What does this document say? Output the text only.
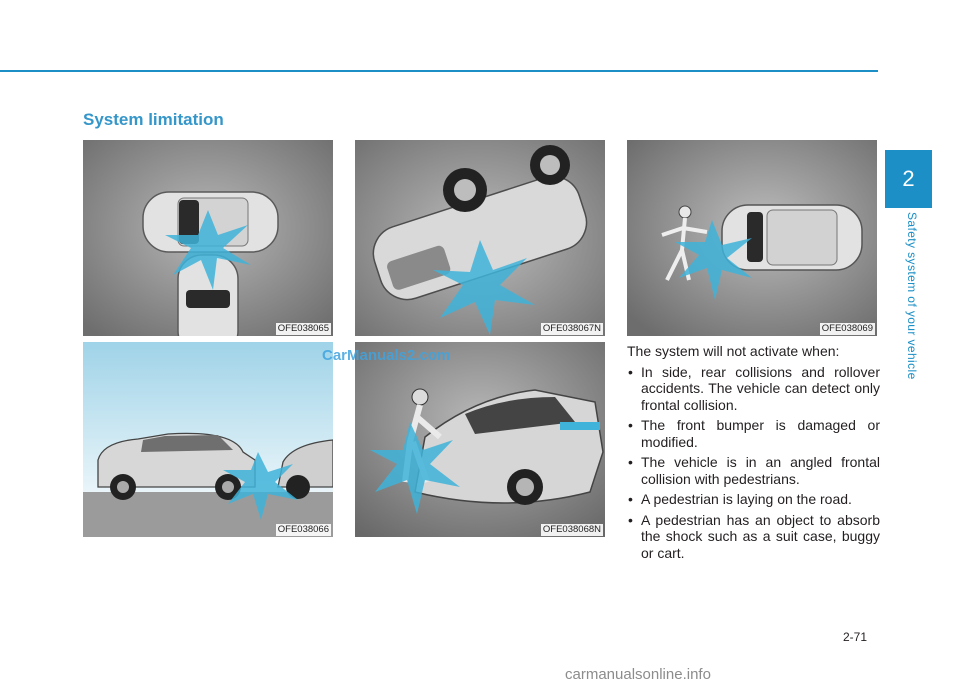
System limitation
2
Safety system of your vehicle
OFE038065	OFE038067N	OFE038069
OFE038066	OFE038068N
CarManuals2.com	The system will not activate when:

• In side, rear collisions and rollover accidents. The vehicle can detect only frontal collision.
• The front bumper is damaged or modified.
• The vehicle is in an angled frontal collision with pedestrians.
• A pedestrian is laying on the road.
• A pedestrian has an object to absorb the shock such as a suit case, buggy or cart.
2-71
carmanualsonline.info
